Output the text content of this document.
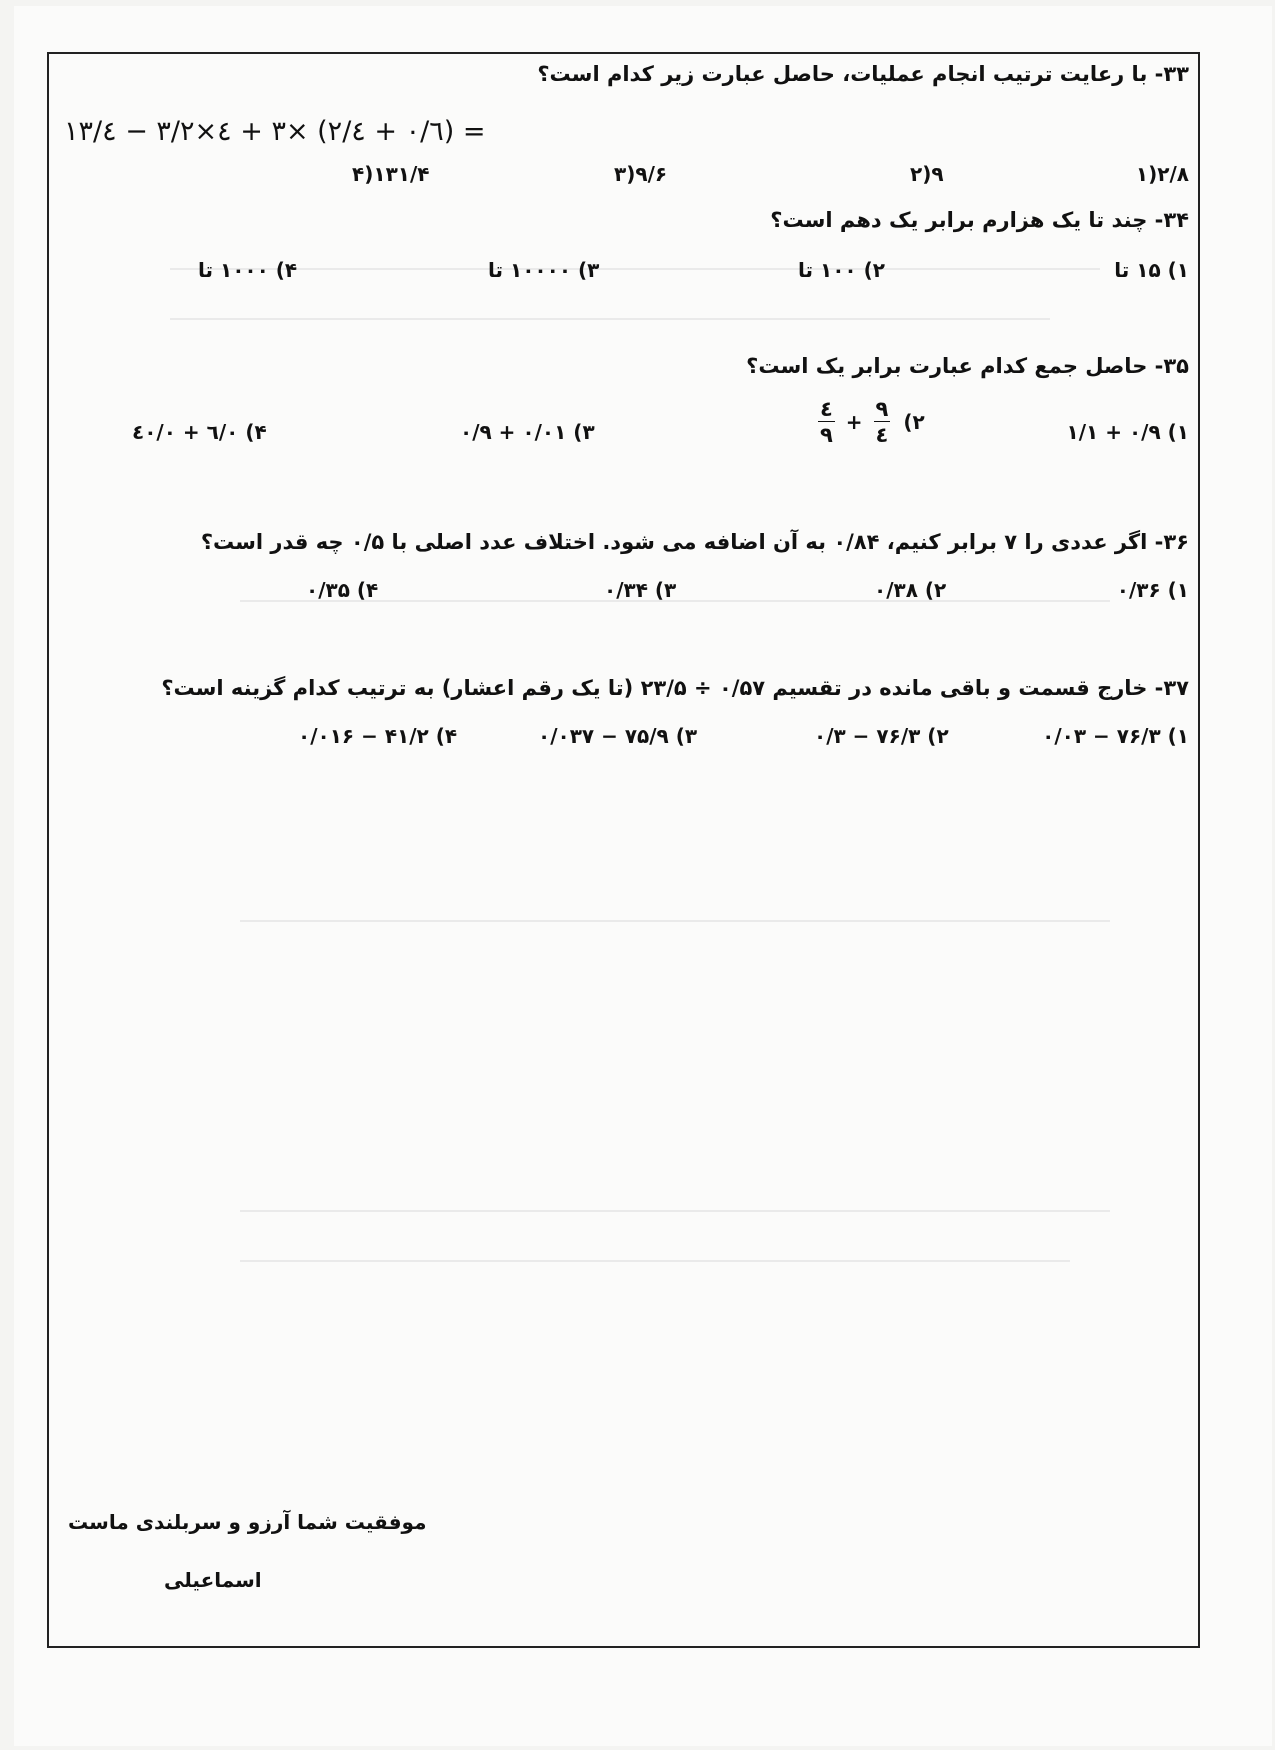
۳۳- با رعایت ترتیب انجام عملیات، حاصل عبارت زیر کدام است؟
۱۳/٤ − ۳/۲×٤ + ۳× (۲/٤ + ۰/٦) =
۲/۸(۱
۹(۲
۹/۶(۳
۱۳۱/۴(۴
۳۴- چند تا یک هزارم برابر یک دهم است؟
۱) ۱۵ تا
۲) ۱۰۰ تا
۳) ۱۰۰۰۰ تا
۴) ۱۰۰۰ تا
۳۵- حاصل جمع کدام عبارت برابر یک است؟
۱) ۰/۹ + ۱/۱
$\frac{٤}{۹} + \frac{۹}{٤}$ ۲)
۳) ۰/۰۱ + ۰/۹
۴) ۰/٦ + ۰/٤۰
۳۶- اگر عددی را ۷ برابر کنیم، ۰/۸۴ به آن اضافه می شود. اختلاف عدد اصلی با ۰/۵ چه قدر است؟
۱) ۰/۳۶
۲) ۰/۳۸
۳) ۰/۳۴
۴) ۰/۳۵
۳۷- خارج قسمت و باقی مانده در تقسیم ۰/۵۷ ÷ ۲۳/۵ (تا یک رقم اعشار) به ترتیب کدام گزینه است؟
۱) ۷۶/۳ − ۰/۰۳
۲) ۷۶/۳ − ۰/۳
۳) ۷۵/۹ − ۰/۰۳۷
۴) ۴۱/۲ − ۰/۰۱۶
موفقیت شما آرزو و سربلندی ماست
اسماعیلی
